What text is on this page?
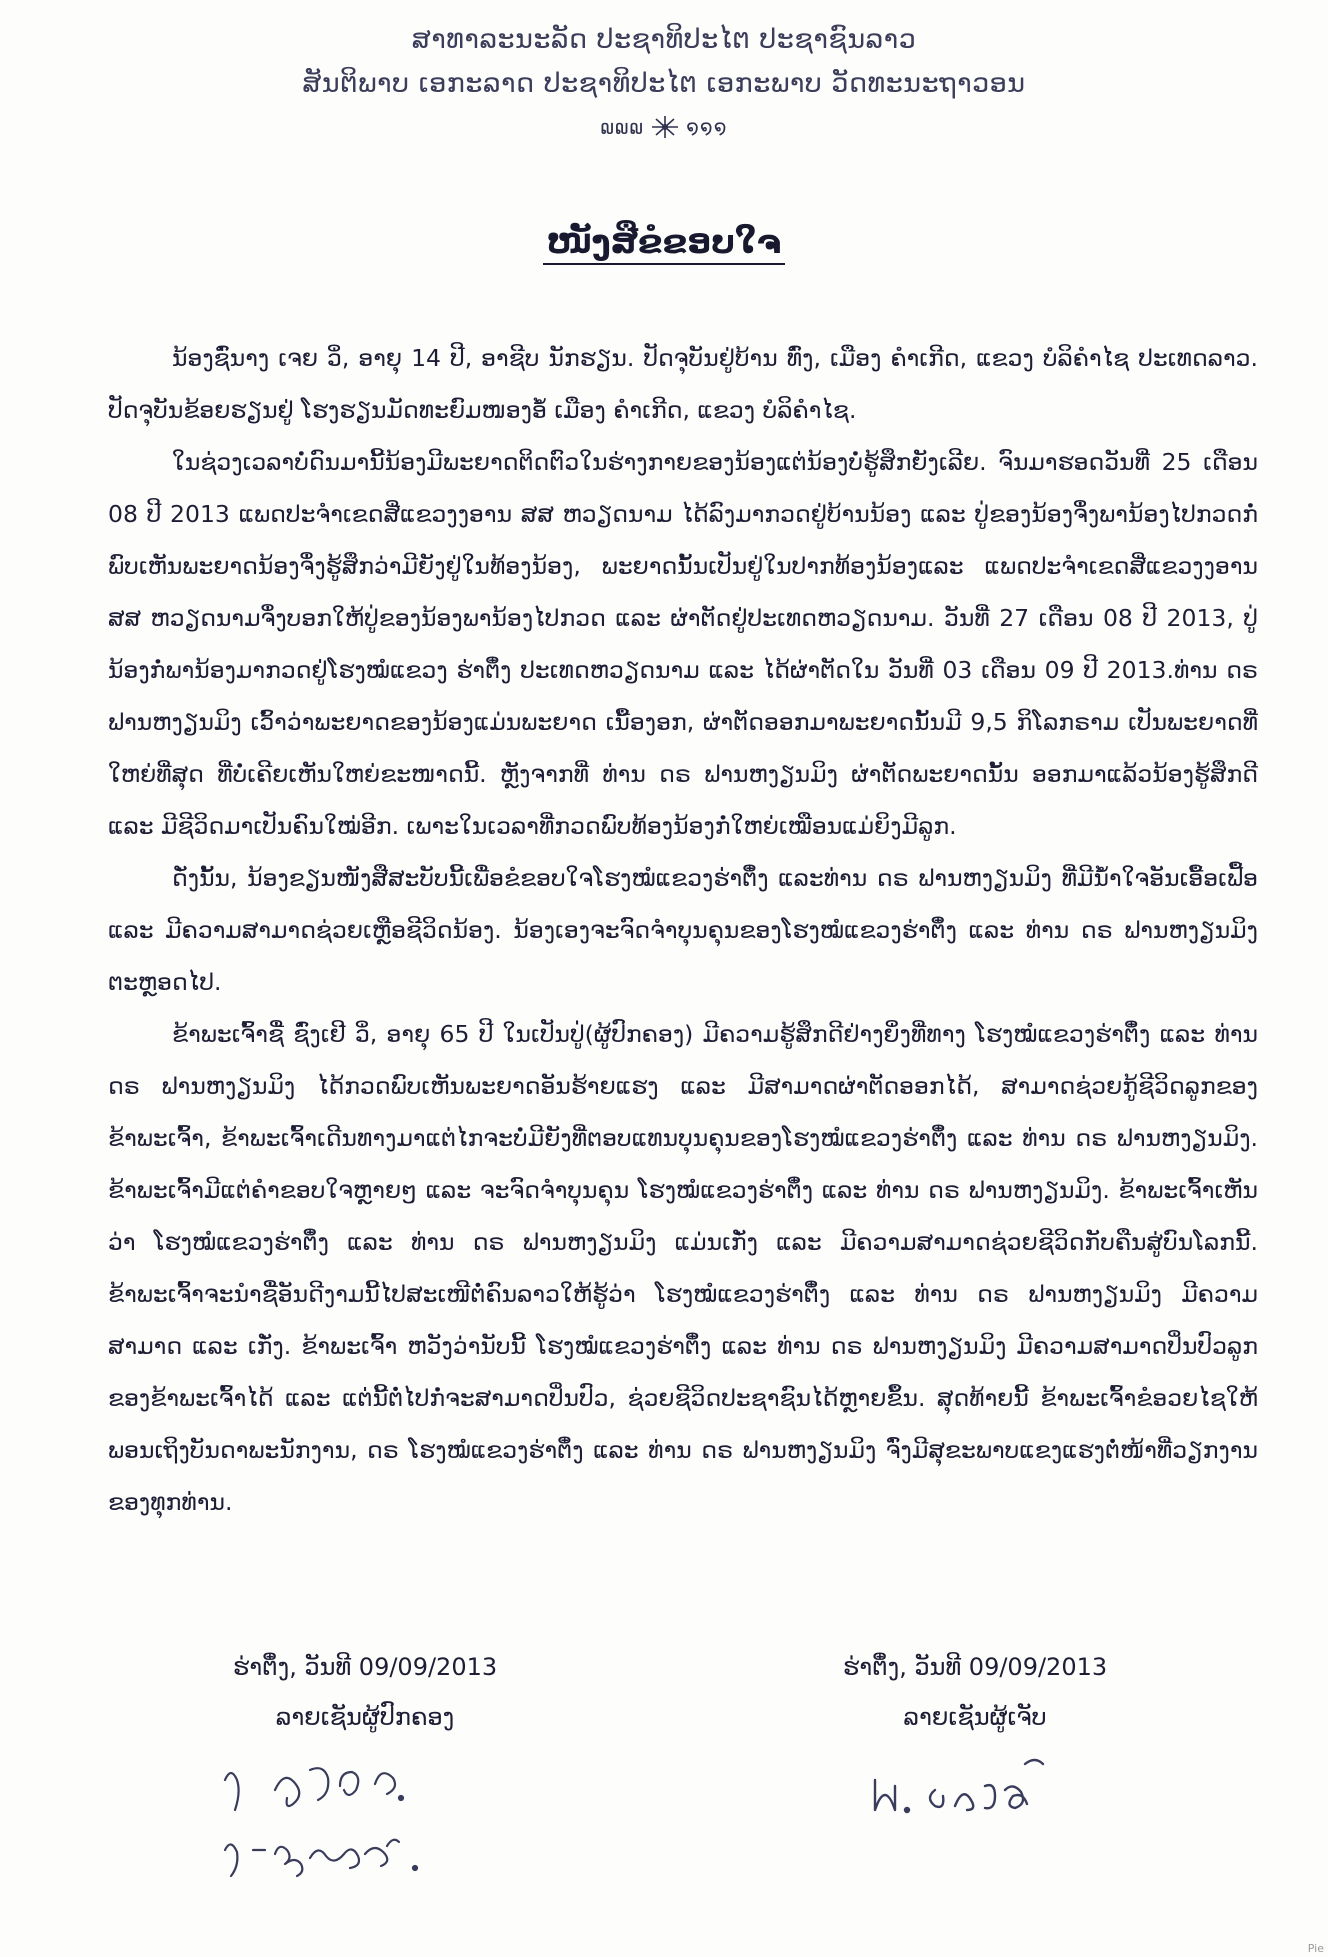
ສາທາລະນະລັດ ປະຊາທິປະໄຕ ປະຊາຊົນລາວ
ສັນຕິພາບ ເອກະລາດ ປະຊາທິປະໄຕ ເອກະພາບ ວັດທະນະຖາວອນ
໙໙໙ ໑໑໑
ໜັງສືຂໍຂອບໃຈ

ນ້ອງຊົ່ນາງ ເຈຍ ວິ່, ອາຍຸ 14 ປີ, ອາຊີບ ນັກຮຽນ. ປັດຈຸບັນຢູ່ບ້ານ ທົ່ງ, ເມືອງ ຄຳເກີດ, ແຂວງ ບໍລິຄຳໄຊ ປະເທດລາວ. ປັດຈຸບັນຂ້ອຍຮຽນຢູ່ ໂຮງຮຽນມັດທະຍົມໜອງອໍ້ ເມືອງ ຄຳເກີດ, ແຂວງ ບໍລິຄຳໄຊ.

ໃນຊ່ວງເວລາບໍ່ດົນມານີ້ນ້ອງມີພະຍາດຕິດຕົວໃນຮ່າງກາຍຂອງນ້ອງແຕ່ນ້ອງບໍ່ຮູ້ສຶກຍັງເລີຍ. ຈົນມາຮອດວັນທີ່ 25 ເດືອນ 08 ປີ 2013 ແພດປະຈຳເຂດສີ່ແຂວງງອານ ສສ ຫວຽດນາມ ໄດ້ລົງມາກວດຢູ່ບ້ານນ້ອງ ແລະ ປູ່ຂອງນ້ອງຈຶ່ງພານ້ອງໄປກວດກໍ່ພົບເຫັນພະຍາດນ້ອງຈຶ່ງຮູ້ສຶກວ່າມີຍັງຢູ່ໃນທ້ອງນ້ອງ, ພະຍາດນັ້ນເປັນຢູ່ໃນປາກທ້ອງນ້ອງແລະ ແພດປະຈຳເຂດສີ່ແຂວງງອານ ສສ ຫວຽດນາມຈຶ່ງບອກໃຫ້ປູ່ຂອງນ້ອງພານ້ອງໄປກວດ ແລະ ຜ່າຕັດຢູ່ປະເທດຫວຽດນາມ. ວັນທີ່ 27 ເດືອນ 08 ປີ 2013, ປູ່ນ້ອງກໍ່ພານ້ອງມາກວດຢູ່ໂຮງໝໍແຂວງ ຮ່າຕິ໋ງ ປະເທດຫວຽດນາມ ແລະ ໄດ້ຜ່າຕັດໃນ ວັນທີ່ 03 ເດືອນ 09 ປີ 2013.ທ່ານ ດຣ ຟານຫງຽນມິງ ເວົ້າວ່າພະຍາດຂອງນ້ອງແມ່ນພະຍາດ ເນື້ອງອກ, ຜ່າຕັດອອກມາພະຍາດນັ້ນມີ 9,5 ກິໂລກຣາມ ເປັນພະຍາດທີ່ໃຫຍ່ທີ່ສຸດ ທີ່ບໍ່ເຄີຍເຫັນໃຫຍ່ຂະໜາດນີ້. ຫຼັງຈາກທີ່ ທ່ານ ດຣ ຟານຫງຽນມິງ ຜ່າຕັດພະຍາດນັ້ນ ອອກມາແລ້ວນ້ອງຮູ້ສຶກດີ ແລະ ມີຊີວິດມາເປັນຄົນໃໝ່ອີກ. ເພາະໃນເວລາທີ່ກວດພົບທ້ອງນ້ອງກໍ່ໃຫຍ່ເໝືອນແມ່ຍິງມີລູກ.

ດັ່ງນັ້ນ, ນ້ອງຂຽນໜັງສືສະບັບນີ້ເພື່ອຂໍຂອບໃຈໂຮງໝໍແຂວງຮ່າຕິ໋ງ ແລະທ່ານ ດຣ ຟານຫງຽນມິງ ທີ່ມີນ້ຳໃຈອັນເອື້ອເຟື້ອ ແລະ ມີຄວາມສາມາດຊ່ວຍເຫຼືອຊີວິດນ້ອງ. ນ້ອງເອງຈະຈົດຈຳບຸນຄຸນຂອງໂຮງໝໍແຂວງຮ່າຕິ໋ງ ແລະ ທ່ານ ດຣ ຟານຫງຽນມິງ ຕະຫຼອດໄປ.

ຂ້າພະເຈົ້າຊື່ ຊົ່ງເຢີ ວິ່, ອາຍຸ 65 ປີ ໃນເປັນປູ່(ຜູ້ປົກຄອງ) ມີຄວາມຮູ້ສຶກດີຢ່າງຍິ່ງທີ່ທາງ ໂຮງໝໍແຂວງຮ່າຕິ໋ງ ແລະ ທ່ານ ດຣ ຟານຫງຽນມິງ ໄດ້ກວດພົບເຫັນພະຍາດອັນຮ້າຍແຮງ ແລະ ມີສາມາດຜ່າຕັດອອກໄດ້, ສາມາດຊ່ວຍກູ້ຊີວິດລູກຂອງຂ້າພະເຈົ້າ, ຂ້າພະເຈົ້າເດີນທາງມາແຕ່ໄກຈະບໍ່ມີຍັງທີ່ຕອບແທນບຸນຄຸນຂອງໂຮງໝໍແຂວງຮ່າຕິ໋ງ ແລະ ທ່ານ ດຣ ຟານຫງຽນມິງ. ຂ້າພະເຈົ້າມີແຕ່ຄຳຂອບໃຈຫຼາຍໆ ແລະ ຈະຈົດຈຳບຸນຄຸນ ໂຮງໝໍແຂວງຮ່າຕິ໋ງ ແລະ ທ່ານ ດຣ ຟານຫງຽນມິງ. ຂ້າພະເຈົ້າເຫັນວ່າ ໂຮງໝໍແຂວງຮ່າຕິ໋ງ ແລະ ທ່ານ ດຣ ຟານຫງຽນມິງ ແມ່ນເກັ່ງ ແລະ ມີຄວາມສາມາດຊ່ວຍຊີວິດກັບຄືນສູ່ບົນໂລກນີ້. ຂ້າພະເຈົ້າຈະນຳຊື່ອັນດີງາມນີ້ໄປສະເໜີຕໍ່ຄົນລາວໃຫ້ຮູ້ວ່າ ໂຮງໝໍແຂວງຮ່າຕິ໋ງ ແລະ ທ່ານ ດຣ ຟານຫງຽນມິງ ມີຄວາມສາມາດ ແລະ ເກັ່ງ. ຂ້າພະເຈົ້າ ຫວັງວ່ານັບນີ້ ໂຮງໝໍແຂວງຮ່າຕິ໋ງ ແລະ ທ່ານ ດຣ ຟານຫງຽນມິງ ມີຄວາມສາມາດປິ່ນປົວລູກຂອງຂ້າພະເຈົ້າໄດ້ ແລະ ແຕ່ນີ້ຕໍ່ໄປກໍ່ຈະສາມາດປິ່ນປົວ, ຊ່ວຍຊີວິດປະຊາຊົນໄດ້ຫຼາຍຂຶ້ນ. ສຸດທ້າຍນີ້ ຂ້າພະເຈົ້າຂໍອວຍໄຊໃຫ້ພອນເຖິງບັນດາພະນັກງານ, ດຣ ໂຮງໝໍແຂວງຮ່າຕິ໋ງ ແລະ ທ່ານ ດຣ ຟານຫງຽນມິງ ຈົ່ງມີສຸຂະພາບແຂງແຮງຕໍ່ໜ້າທີ່ວຽກງານຂອງທຸກທ່ານ.

ຮ່າຕິ໋ງ, ວັນທີ 09/09/2013
ລາຍເຊັນຜູ້ປົກຄອງ
ຮ່າຕິ໋ງ, ວັນທີ 09/09/2013
ລາຍເຊັນຜູ້ເຈັບ
Pie
